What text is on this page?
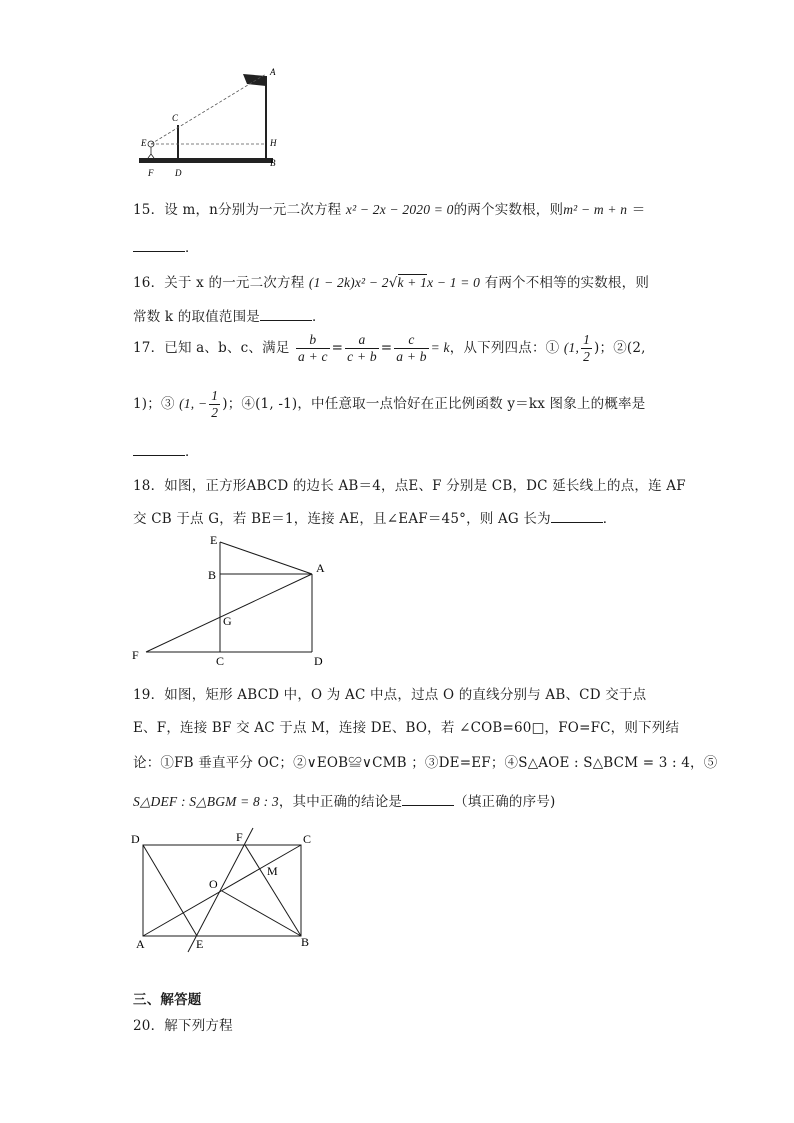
A
C
E	H
B
F D
15．设 m，n分别为一元二次方程 x² − 2x − 2020 = 0的两个实数根，则m² − m + n ＝
．
16．关于 x 的一元二次方程 (1 − 2k)x² − 2√k + 1x − 1 = 0 有两个不相等的实数根，则
常数 k 的取值范围是	．
17．已知 a、b、c、满足 $\frac{b}{a + c} = \frac{a}{c + b} = \frac{c}{a + b} = k$，从下列四点：① (1, $\frac{1}{2}$ )；②(2,
1)；③ (1, − $\frac{1}{2}$ )；④(1, -1)，中任意取一点恰好在正比例函数 y＝kx 图象上的概率是
．
18．如图，正方形ABCD 的边长 AB＝4，点E、F 分别是 CB，DC 延长线上的点，连 AF
交 CB 于点 G，若 BE＝1，连接 AE，且∠EAF＝45°，则 AG 长为	．
E
B	A
G
F	C	D
19．如图，矩形 ABCD 中，O 为 AC 中点，过点 O 的直线分别与 AB、CD 交于点
E、F，连接 BF 交 AC 于点 M，连接 DE、BO，若 ∠COB=60□，FO=FC，则下列结
论：①FB 垂直平分 OC；②∨EOB≌∨CMB ；③DE=EF；④S△AOE : S△BCM = 3 : 4，⑤
S△DEF : S△BGM = 8 : 3，其中正确的结论是	（填正确的序号)
D	F	C
M
O
A	E	B
三、解答题
20．解下列方程
